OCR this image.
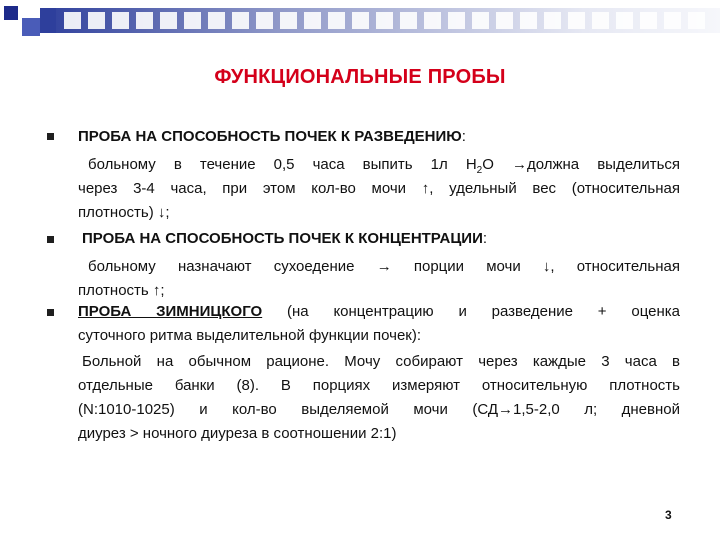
ФУНКЦИОНАЛЬНЫЕ ПРОБЫ
ПРОБА НА СПОСОБНОСТЬ ПОЧЕК К РАЗВЕДЕНИЮ:
больному в течение 0,5 часа выпить 1л $Н_2О$ →должна выделиться
через 3-4 часа, при этом кол-во мочи ↑, удельный вес (относительная
плотность) ↓;
ПРОБА НА СПОСОБНОСТЬ ПОЧЕК К КОНЦЕНТРАЦИИ:
больному назначают сухоедение → порции мочи ↓, относительная
плотность ↑;
ПРОБА ЗИМНИЦКОГО (на концентрацию и разведение + оценка
суточного ритма выделительной функции почек):
Больной на обычном рационе. Мочу собирают через каждые 3 часа в
отдельные банки (8). В порциях измеряют относительную плотность
(N:1010-1025) и кол-во выделяемой мочи (СД→1,5-2,0 л; дневной
диурез > ночного диуреза в соотношении 2:1)
3
